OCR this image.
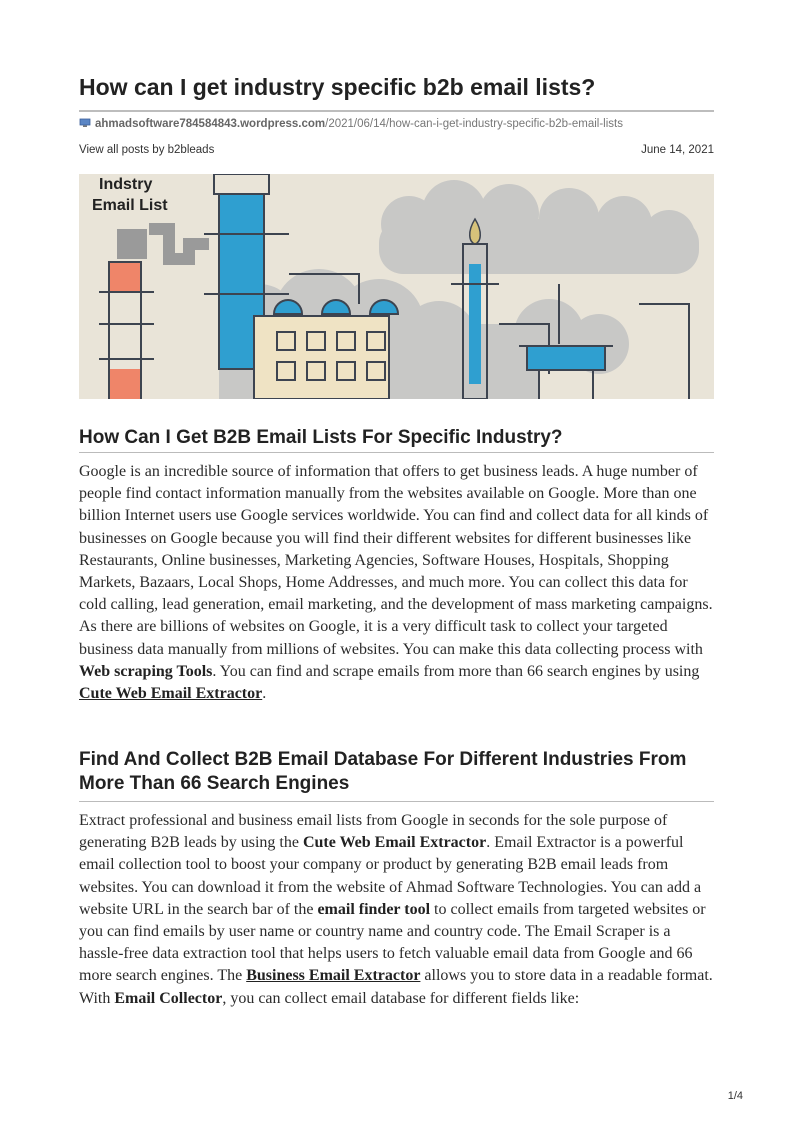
How can I get industry specific b2b email lists?
ahmadsoftware784584843.wordpress.com/2021/06/14/how-can-i-get-industry-specific-b2b-email-lists
View all posts by b2bleads	June 14, 2021
Indstry
Email List
How Can I Get B2B Email Lists For Specific Industry?

Google is an incredible source of information that offers to get business leads. A huge number of people find contact information manually from the websites available on Google. More than one billion Internet users use Google services worldwide. You can find and collect data for all kinds of businesses on Google because you will find their different websites for different businesses like Restaurants, Online businesses, Marketing Agencies, Software Houses, Hospitals, Shopping Markets, Bazaars, Local Shops, Home Addresses, and much more. You can collect this data for cold calling, lead generation, email marketing, and the development of mass marketing campaigns. As there are billions of websites on Google, it is a very difficult task to collect your targeted business data manually from millions of websites. You can make this data collecting process with Web scraping Tools. You can find and scrape emails from more than 66 search engines by using Cute Web Email Extractor.

Find And Collect B2B Email Database For Different Industries From More Than 66 Search Engines

Extract professional and business email lists from Google in seconds for the sole purpose of generating B2B leads by using the Cute Web Email Extractor. Email Extractor is a powerful email collection tool to boost your company or product by generating B2B email leads from websites. You can download it from the website of Ahmad Software Technologies. You can add a website URL in the search bar of the email finder tool to collect emails from targeted websites or you can find emails by user name or country name and country code. The Email Scraper is a hassle-free data extraction tool that helps users to fetch valuable email data from Google and 66 more search engines. The Business Email Extractor allows you to store data in a readable format. With Email Collector, you can collect email database for different fields like:

1/4
